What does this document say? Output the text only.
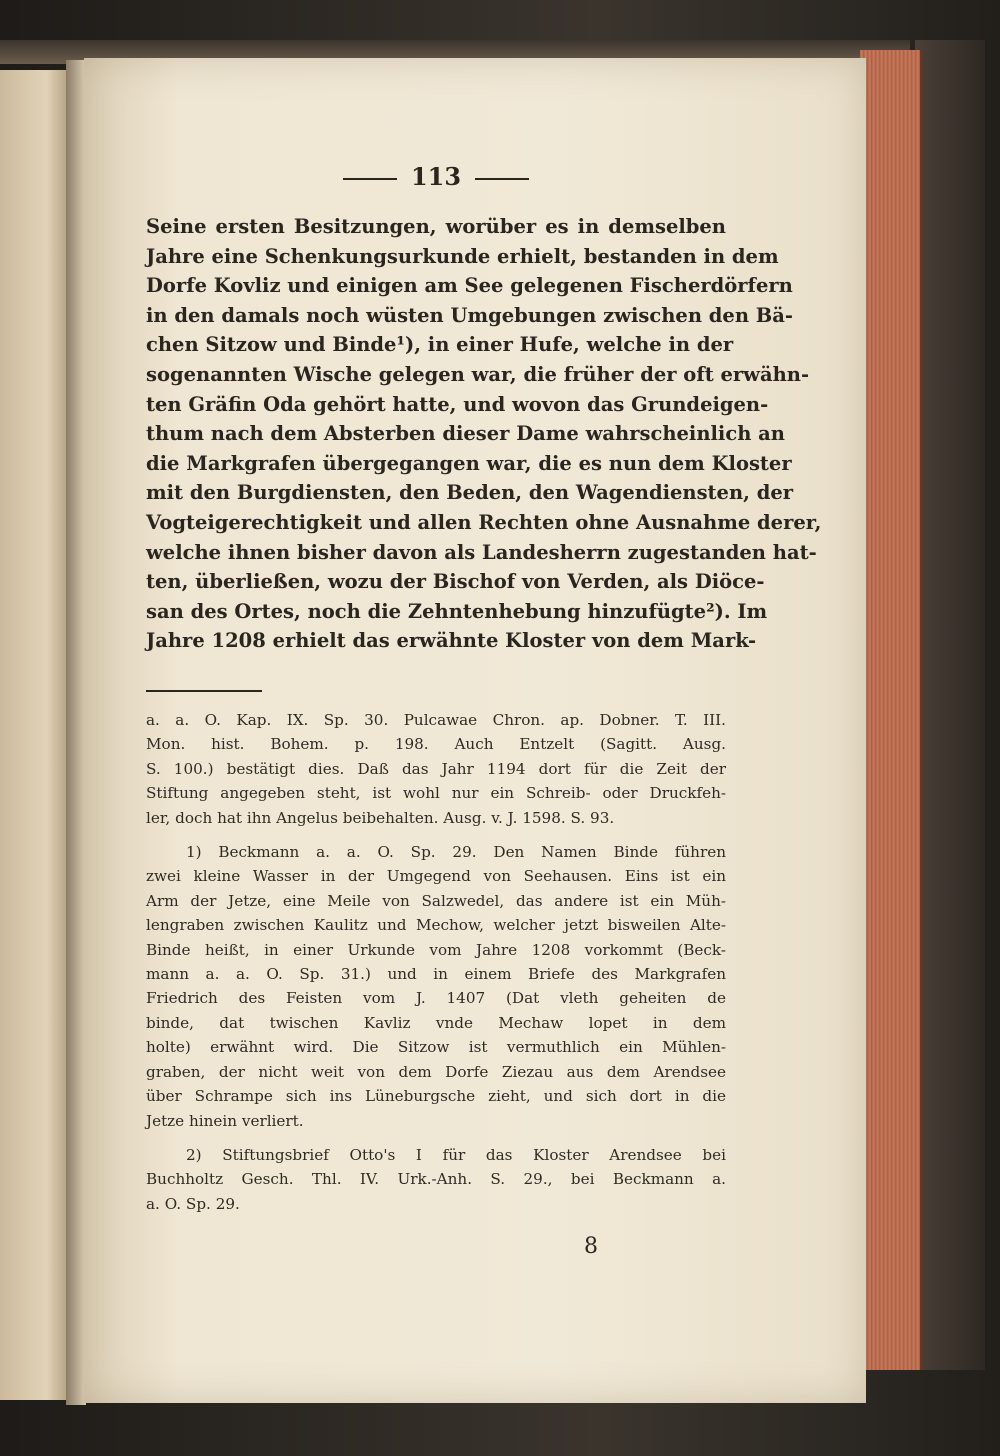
113
Seine ersten Besitzungen, worüber es in demselben
Jahre eine Schenkungsurkunde erhielt, bestanden in dem
Dorfe Kovliz und einigen am See gelegenen Fischerdörfern
in den damals noch wüsten Umgebungen zwischen den Bä-
chen Sitzow und Binde¹), in einer Hufe, welche in der
sogenannten Wische gelegen war, die früher der oft erwähn-
ten Gräfin Oda gehört hatte, und wovon das Grundeigen-
thum nach dem Absterben dieser Dame wahrscheinlich an
die Markgrafen übergegangen war, die es nun dem Kloster
mit den Burgdiensten, den Beden, den Wagendiensten, der
Vogteigerechtigkeit und allen Rechten ohne Ausnahme derer,
welche ihnen bisher davon als Landesherrn zugestanden hat-
ten, überließen, wozu der Bischof von Verden, als Diöce-
san des Ortes, noch die Zehntenhebung hinzufügte²). Im
Jahre 1208 erhielt das erwähnte Kloster von dem Mark-
a. a. O. Kap. IX. Sp. 30. Pulcawae Chron. ap. Dobner. T. III.
Mon. hist. Bohem. p. 198. Auch Entzelt (Sagitt. Ausg.
S. 100.) bestätigt dies. Daß das Jahr 1194 dort für die Zeit der
Stiftung angegeben steht, ist wohl nur ein Schreib- oder Druckfeh-
ler, doch hat ihn Angelus beibehalten. Ausg. v. J. 1598. S. 93.
1) Beckmann a. a. O. Sp. 29. Den Namen Binde führen
zwei kleine Wasser in der Umgegend von Seehausen. Eins ist ein
Arm der Jetze, eine Meile von Salzwedel, das andere ist ein Müh-
lengraben zwischen Kaulitz und Mechow, welcher jetzt bisweilen Alte-
Binde heißt, in einer Urkunde vom Jahre 1208 vorkommt (Beck-
mann a. a. O. Sp. 31.) und in einem Briefe des Markgrafen
Friedrich des Feisten vom J. 1407 (Dat vleth geheiten de
binde, dat twischen Kavliz vnde Mechaw lopet in dem
holte) erwähnt wird. Die Sitzow ist vermuthlich ein Mühlen-
graben, der nicht weit von dem Dorfe Ziezau aus dem Arendsee
über Schrampe sich ins Lüneburgsche zieht, und sich dort in die
Jetze hinein verliert.
2) Stiftungsbrief Otto's I für das Kloster Arendsee bei
Buchholtz Gesch. Thl. IV. Urk.-Anh. S. 29., bei Beckmann a.
a. O. Sp. 29.
8
